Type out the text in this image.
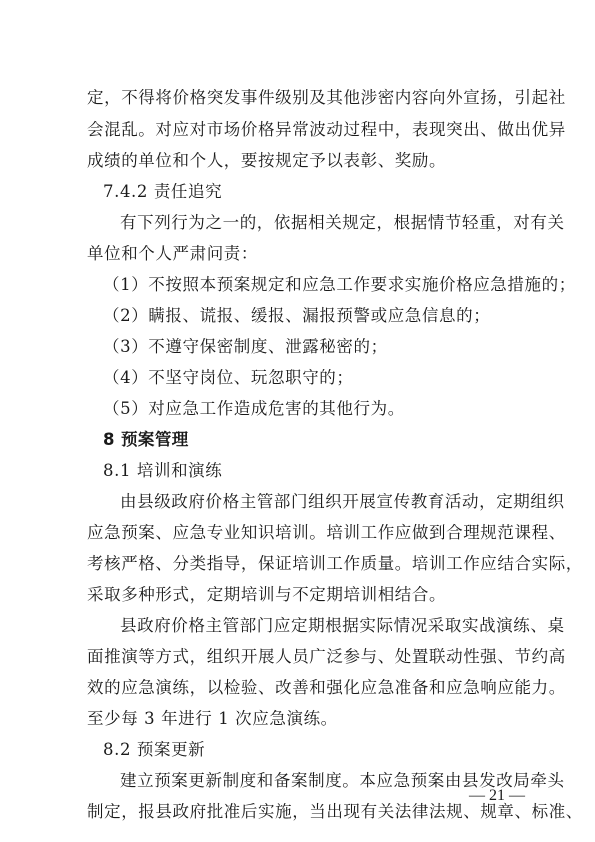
定，不得将价格突发事件级别及其他涉密内容向外宣扬，引起社
会混乱。对应对市场价格异常波动过程中，表现突出、做出优异
成绩的单位和个人，要按规定予以表彰、奖励。
7.4.2 责任追究
有下列行为之一的，依据相关规定，根据情节轻重，对有关
单位和个人严肃问责：
（1）不按照本预案规定和应急工作要求实施价格应急措施的；
（2）瞒报、谎报、缓报、漏报预警或应急信息的；
（3）不遵守保密制度、泄露秘密的；
（4）不坚守岗位、玩忽职守的；
（5）对应急工作造成危害的其他行为。
8 预案管理
8.1 培训和演练
由县级政府价格主管部门组织开展宣传教育活动，定期组织
应急预案、应急专业知识培训。培训工作应做到合理规范课程、
考核严格、分类指导，保证培训工作质量。培训工作应结合实际，
采取多种形式，定期培训与不定期培训相结合。
县政府价格主管部门应定期根据实际情况采取实战演练、桌
面推演等方式，组织开展人员广泛参与、处置联动性强、节约高
效的应急演练，以检验、改善和强化应急准备和应急响应能力。
至少每 3 年进行 1 次应急演练。
8.2 预案更新
建立预案更新制度和备案制度。本应急预案由县发改局牵头
制定，报县政府批准后实施，当出现有关法律法规、规章、标准、
— 21 —
